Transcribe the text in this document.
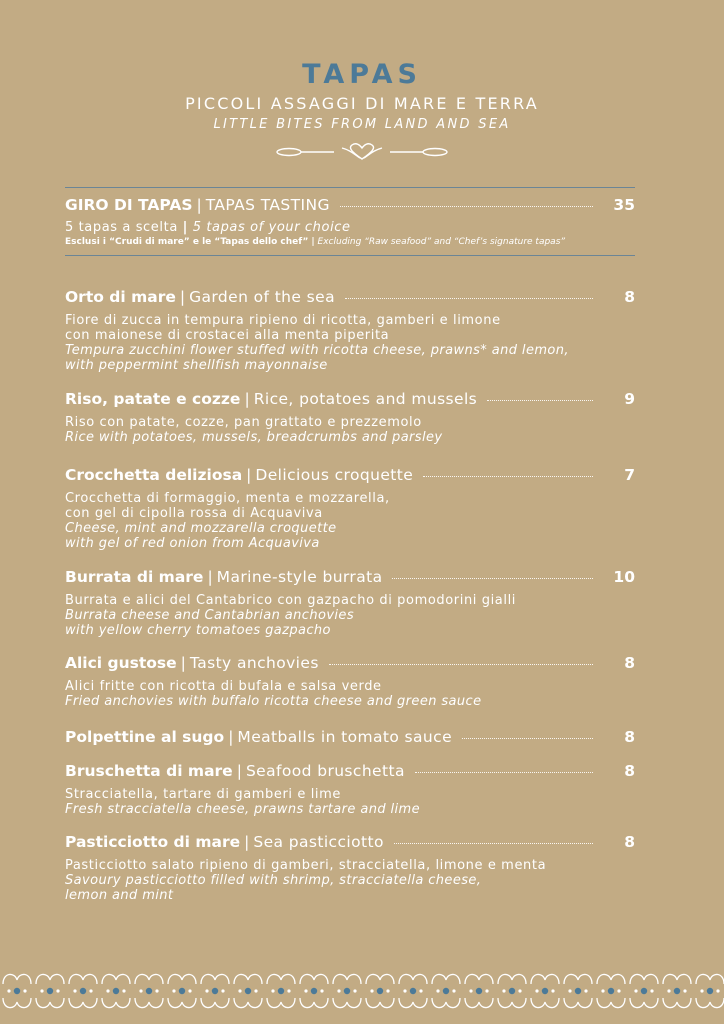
TAPAS
PICCOLI ASSAGGI DI MARE E TERRA
LITTLE BITES FROM LAND AND SEA
GIRO DI TAPAS | TAPAS TASTING	35
5 tapas a scelta | 5 tapas of your choice
Esclusi i “Crudi di mare” e le “Tapas dello chef” | Excluding “Raw seafood” and “Chef’s signature tapas”
Orto di mare | Garden of the sea	8
Fiore di zucca in tempura ripieno di ricotta, gamberi e limone
con maionese di crostacei alla menta piperita
Tempura zucchini flower stuffed with ricotta cheese, prawns* and lemon,
with peppermint shellfish mayonnaise
Riso, patate e cozze | Rice, potatoes and mussels	9
Riso con patate, cozze, pan grattato e prezzemolo
Rice with potatoes, mussels, breadcrumbs and parsley
Crocchetta deliziosa | Delicious croquette	7
Crocchetta di formaggio, menta e mozzarella,
con gel di cipolla rossa di Acquaviva
Cheese, mint and mozzarella croquette
with gel of red onion from Acquaviva
Burrata di mare | Marine-style burrata	10
Burrata e alici del Cantabrico con gazpacho di pomodorini gialli
Burrata cheese and Cantabrian anchovies
with yellow cherry tomatoes gazpacho
Alici gustose | Tasty anchovies	8
Alici fritte con ricotta di bufala e salsa verde
Fried anchovies with buffalo ricotta cheese and green sauce
Polpettine al sugo | Meatballs in tomato sauce	8
Bruschetta di mare | Seafood bruschetta	8
Stracciatella, tartare di gamberi e lime
Fresh stracciatella cheese, prawns tartare and lime
Pasticciotto di mare | Sea pasticciotto	8
Pasticciotto salato ripieno di gamberi, stracciatella, limone e menta
Savoury pasticciotto filled with shrimp, stracciatella cheese,
lemon and mint
